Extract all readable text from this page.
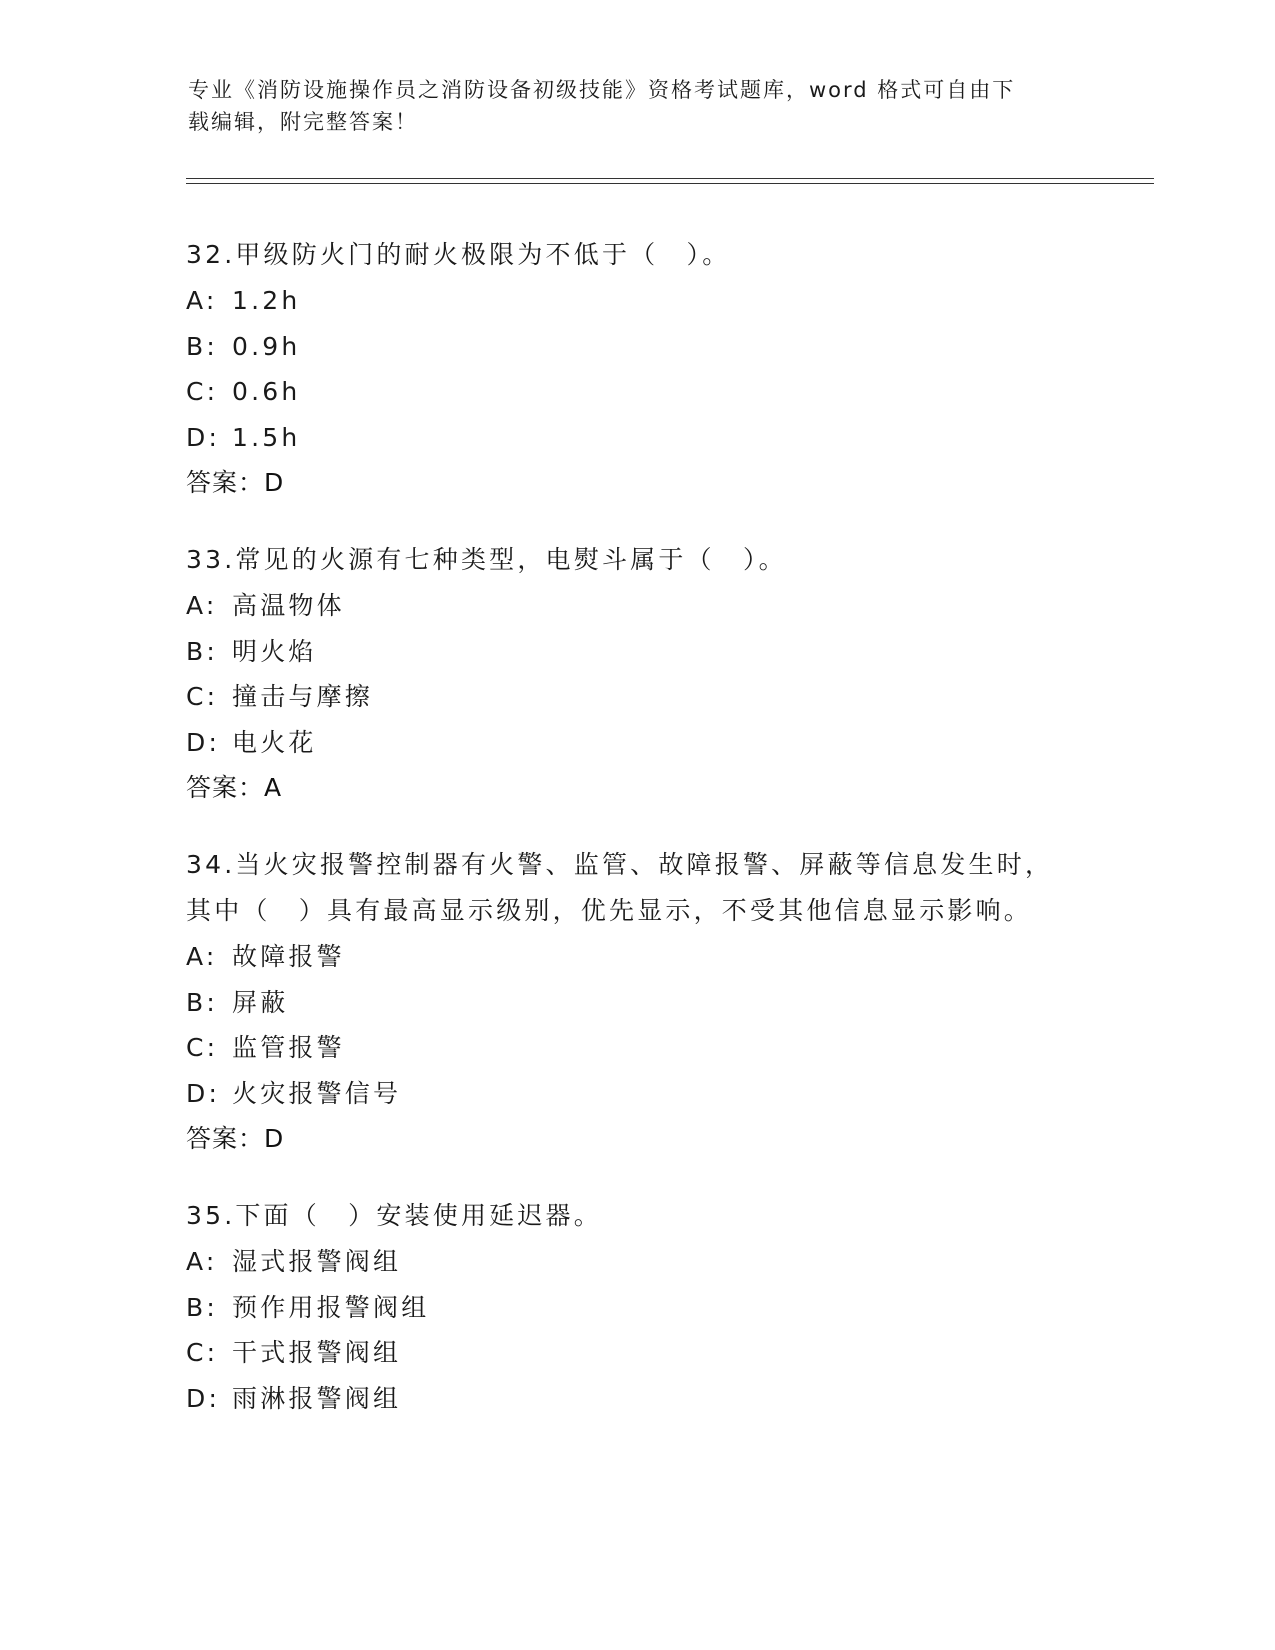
专业《消防设施操作员之消防设备初级技能》资格考试题库，word 格式可自由下
载编辑，附完整答案！
32.甲级防火门的耐火极限为不低于（　）。
A: 1.2h
B: 0.9h
C: 0.6h
D: 1.5h
答案：D
33.常见的火源有七种类型，电熨斗属于（　）。
A: 高温物体
B: 明火焰
C: 撞击与摩擦
D: 电火花
答案：A
34.当火灾报警控制器有火警、监管、故障报警、屏蔽等信息发生时，
其中（　）具有最高显示级别，优先显示，不受其他信息显示影响。
A: 故障报警
B: 屏蔽
C: 监管报警
D: 火灾报警信号
答案：D
35.下面（　）安装使用延迟器。
A: 湿式报警阀组
B: 预作用报警阀组
C: 干式报警阀组
D: 雨淋报警阀组
